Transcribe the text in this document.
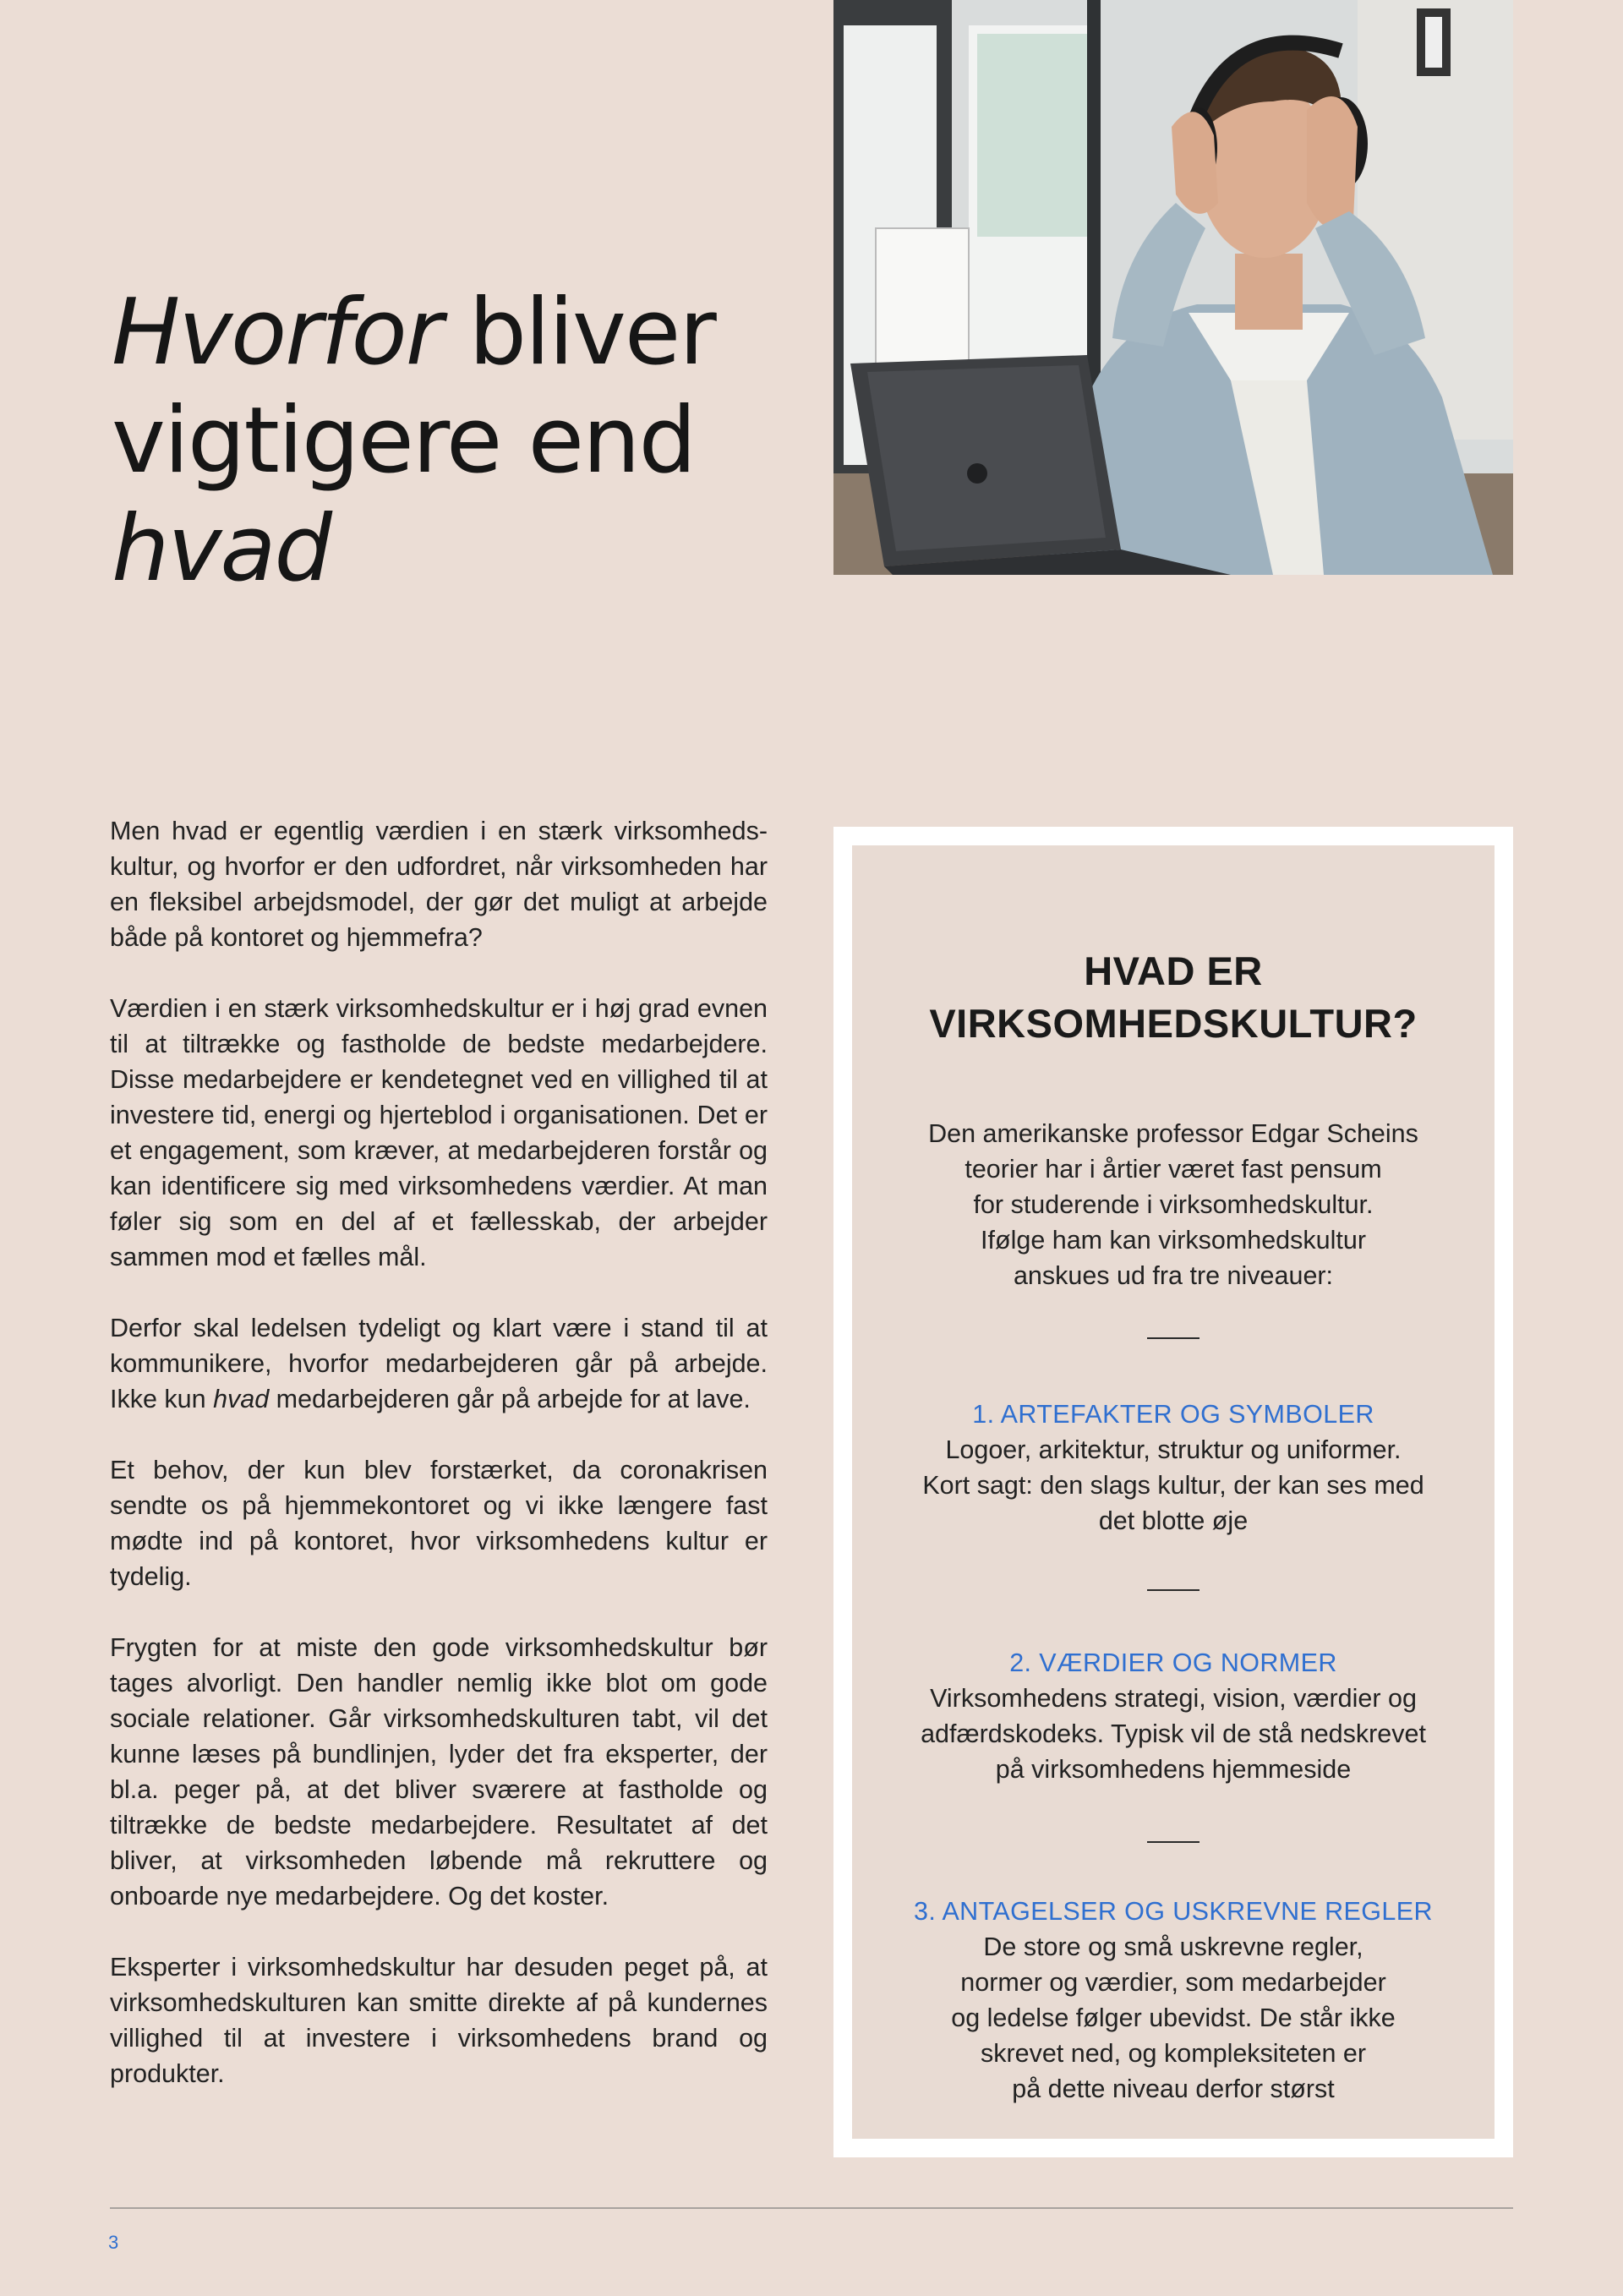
Hvorfor bliver
vigtigere end
hvad

Men hvad er egentlig værdien i en stærk virksomhedskultur, og hvorfor er den udfordret, når virksomheden har en fleksibel arbejdsmodel, der gør det muligt at arbejde både på kontoret og hjemmefra?

Værdien i en stærk virksomhedskultur er i høj grad evnen til at tiltrække og fastholde de bedste medarbejdere. Disse medarbejdere er kendetegnet ved en villighed til at investere tid, energi og hjerteblod i organisationen. Det er et engagement, som kræver, at medarbejderen forstår og kan identificere sig med virksomhedens værdier. At man føler sig som en del af et fællesskab, der arbejder sammen mod et fælles mål.

Derfor skal ledelsen tydeligt og klart være i stand til at kommunikere, hvorfor medarbejderen går på arbejde. Ikke kun hvad medarbejderen går på arbejde for at lave.

Et behov, der kun blev forstærket, da coronakrisen sendte os på hjemmekontoret og vi ikke længere fast mødte ind på kontoret, hvor virksomhedens kultur er tydelig.

Frygten for at miste den gode virksomhedskultur bør tages alvorligt. Den handler nemlig ikke blot om gode sociale relationer. Går virksomhedskulturen tabt, vil det kunne læses på bundlinjen, lyder det fra eksperter, der bl.a. peger på, at det bliver sværere at fastholde og tiltrække de bedste medarbejdere. Resultatet af det bliver, at virksomheden løbende må rekruttere og onboarde nye medarbejdere. Og det koster.

Eksperter i virksomhedskultur har desuden peget på, at virksomhedskulturen kan smitte direkte af på kundernes villighed til at investere i virksomhedens brand og produkter.

HVAD ER
VIRKSOMHEDSKULTUR?
Den amerikanske professor Edgar Scheins
teorier har i årtier været fast pensum
for studerende i virksomhedskultur.
Ifølge ham kan virksomhedskultur
anskues ud fra tre niveauer:
1. ARTEFAKTER OG SYMBOLER
Logoer, arkitektur, struktur og uniformer.
Kort sagt: den slags kultur, der kan ses med
det blotte øje
2. VÆRDIER OG NORMER
Virksomhedens strategi, vision, værdier og
adfærdskodeks. Typisk vil de stå nedskrevet
på virksomhedens hjemmeside
3. ANTAGELSER OG USKREVNE REGLER
De store og små uskrevne regler,
normer og værdier, som medarbejder
og ledelse følger ubevidst. De står ikke
skrevet ned, og kompleksiteten er
på dette niveau derfor størst
3
